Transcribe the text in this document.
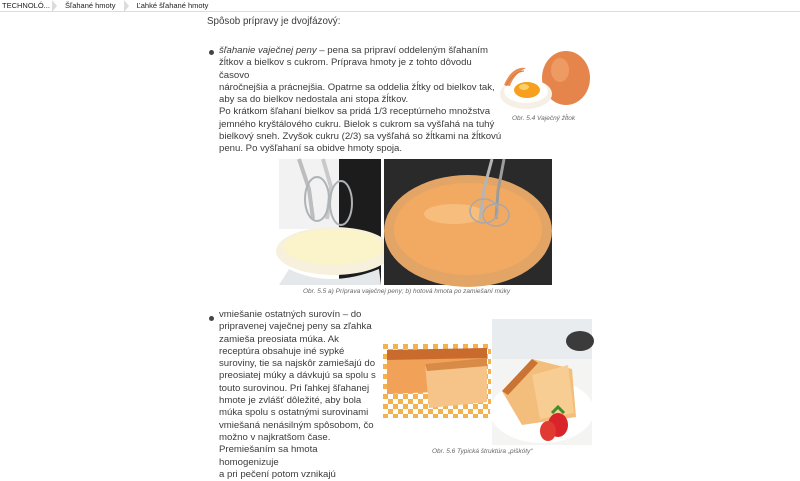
TECHNOLÓ...	Šľahané hmoty	Ľahké šľahané hmoty
Spôsob prípravy je dvojfázový:
šľahanie vaječnej peny – pena sa pripraví oddeleným šľahaním
žĺtkov a bielkov s cukrom. Príprava hmoty je z tohto dôvodu časovo
náročnejšia a prácnejšia. Opatrne sa oddelia žĺtky od bielkov tak,
aby sa do bielkov nedostala ani stopa žĺtkov.
Po krátkom šľahaní bielkov sa pridá 1/3 receptúrneho množstva
jemného kryštálového cukru. Bielok s cukrom sa vyšľahá na tuhý
bielkový sneh. Zvyšok cukru (2/3) sa vyšľahá so žĺtkami na žĺtkovú
penu. Po vyšľahaní sa obidve hmoty spoja.
Obr. 5.4 Vaječný žĺtok
Obr. 5.5 a) Príprava vaječnej peny; b) hotová hmota po zamiešaní múky
vmiešanie ostatných surovín – do
pripravenej vaječnej peny sa zľahka
zamieša preosiata múka. Ak
receptúra obsahuje iné sypké
suroviny, tie sa najskôr zamiešajú do
preosiatej múky a dávkujú sa spolu s
touto surovinou. Pri ľahkej šľahanej
hmote je zvlášť dôležité, aby bola
múka spolu s ostatnými surovinami
vmiešaná nenásilným spôsobom, čo
možno v najkratšom čase.
Premiešaním sa hmota homogenizuje
a pri pečení potom vznikajú
Obr. 5.6 Typická štruktúra „piškóty“
